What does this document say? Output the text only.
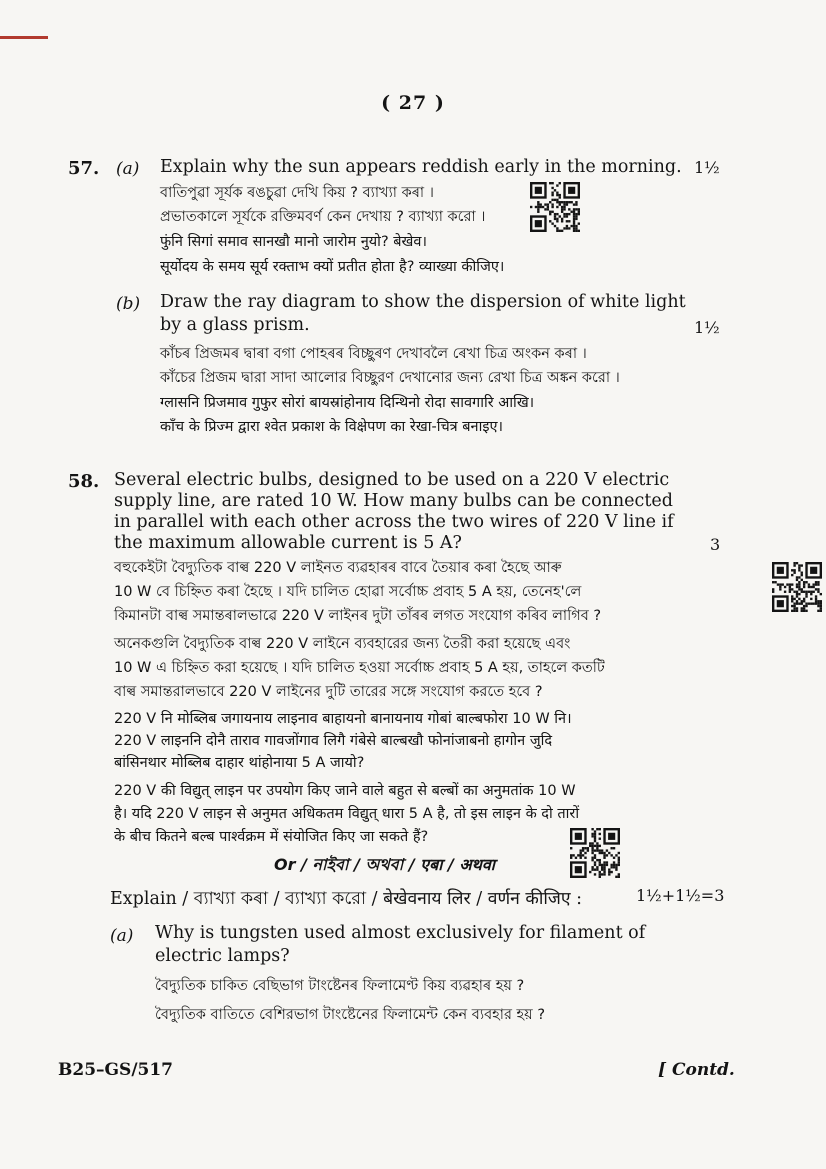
( 27 )
57. (a) Explain why the sun appears reddish early in the morning. 1½
বাতিপুৱা সূৰ্যক ৰঙচুৱা দেখি কিয় ? ব্যাখ্যা কৰা ।
প্ৰভাতকালে সূৰ্যকে রক্তিমবৰ্ণ কেন দেখায় ? ব্যাখ্যা করো ।
फुंनि सिगां समाव सानखौ मानो जारोम नुयो? बेखेव।
सूर्योदय के समय सूर्य रक्ताभ क्यों प्रतीत होता है? व्याख्या कीजिए।
(b) Draw the ray diagram to show the dispersion of white light
by a glass prism.	1½
কাঁচৰ প্ৰিজমৰ দ্বাৰা বগা পোহৰৰ বিচ্ছুৰণ দেখাবলৈ ৰেখা চিত্ৰ অংকন কৰা ।
কাঁচের প্রিজম দ্বারা সাদা আলোর বিচ্ছুরণ দেখানোর জন্য রেখা চিত্র অঙ্কন করো ।
ग्लासनि प्रिजमाव गुफुर सोरां बायस्रांहोनाय दिन्थिनो रोदा सावगारि आखि।
काँच के प्रिज्म द्वारा श्वेत प्रकाश के विक्षेपण का रेखा-चित्र बनाइए।
58. Several electric bulbs, designed to be used on a 220 V electric
supply line, are rated 10 W. How many bulbs can be connected
in parallel with each other across the two wires of 220 V line if
the maximum allowable current is 5 A?	3
বহুকেইটা বৈদ্যুতিক বাল্ব 220 V লাইনত ব্যৱহাৰৰ বাবে তৈয়াৰ কৰা হৈছে আৰু
10 W বে চিহ্নিত কৰা হৈছে । যদি চালিত হোৱা সৰ্বোচ্চ প্ৰবাহ 5 A হয়, তেনেহ'লে
কিমানটা বাল্ব সমান্তৰালভাৱে 220 V লাইনৰ দুটা তাঁৰৰ লগত সংযোগ কৰিব লাগিব ?
অনেকগুলি বৈদ্যুতিক বাল্ব 220 V লাইনে ব্যবহারের জন্য তৈরী করা হয়েছে এবং
10 W এ চিহ্নিত করা হয়েছে । যদি চালিত হওয়া সর্বোচ্চ প্রবাহ 5 A হয়, তাহলে কতটি
বাল্ব সমান্তরালভাবে 220 V লাইনের দুটি তারের সঙ্গে সংযোগ করতে হবে ?
220 V नि मोब्लिब जगायनाय लाइनाव बाहायनो बानायनाय गोबां बाल्बफोरा 10 W नि।
220 V लाइननि दोनै ताराव गावजोंगाव लिगै गंबेसे बाल्बखौ फोनांजाबनो हागोन जुदि
बांसिनथार मोब्लिब दाहार थांहोनाया 5 A जायो?
220 V की विद्युत् लाइन पर उपयोग किए जाने वाले बहुत से बल्बों का अनुमतांक 10 W
है। यदि 220 V लाइन से अनुमत अधिकतम विद्युत् धारा 5 A है, तो इस लाइन के दो तारों
के बीच कितने बल्ब पार्श्वक्रम में संयोजित किए जा सकते हैं?
Or / নাইবা / অথবা / एबा / अथवा
Explain / ব্যাখ্যা কৰা / ব্যাখ্যা করো / बेखेवनाय लिर / वर्णन कीजिए :	1½+1½=3
(a) Why is tungsten used almost exclusively for filament of
electric lamps?
বৈদ্যুতিক চাকিত বেছিভাগ টাংষ্টেনৰ ফিলামেণ্ট কিয় ব্যৱহাৰ হয় ?
বৈদ্যুতিক বাতিতে বেশিরভাগ টাংষ্টেনের ফিলামেন্ট কেন ব্যবহার হয় ?
B25–GS/517	[ Contd.
